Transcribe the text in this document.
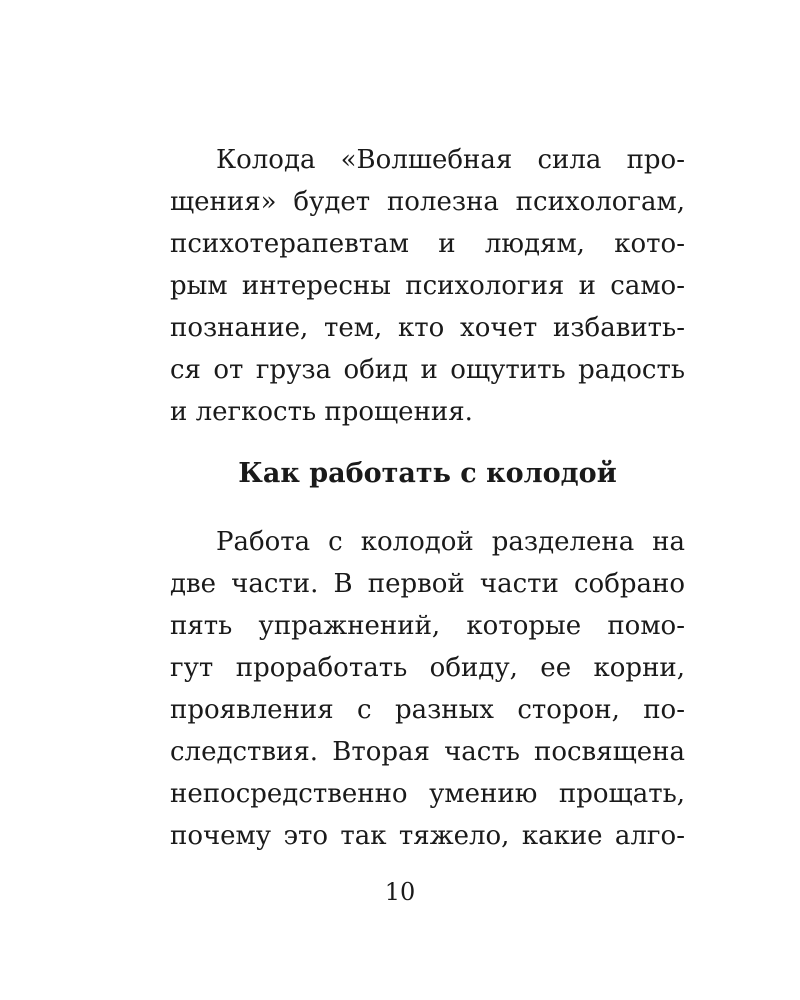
Колода «Волшебная сила про-
щения» будет полезна психологам,
психотерапевтам и людям, кото-
рым интересны психология и само-
познание, тем, кто хочет избавить-
ся от груза обид и ощутить радость
и легкость прощения.
Как работать с колодой
Работа с колодой разделена на
две части. В первой части собрано
пять упражнений, которые помо-
гут проработать обиду, ее корни,
проявления с разных сторон, по-
следствия. Вторая часть посвящена
непосредственно умению прощать,
почему это так тяжело, какие алго-
10
